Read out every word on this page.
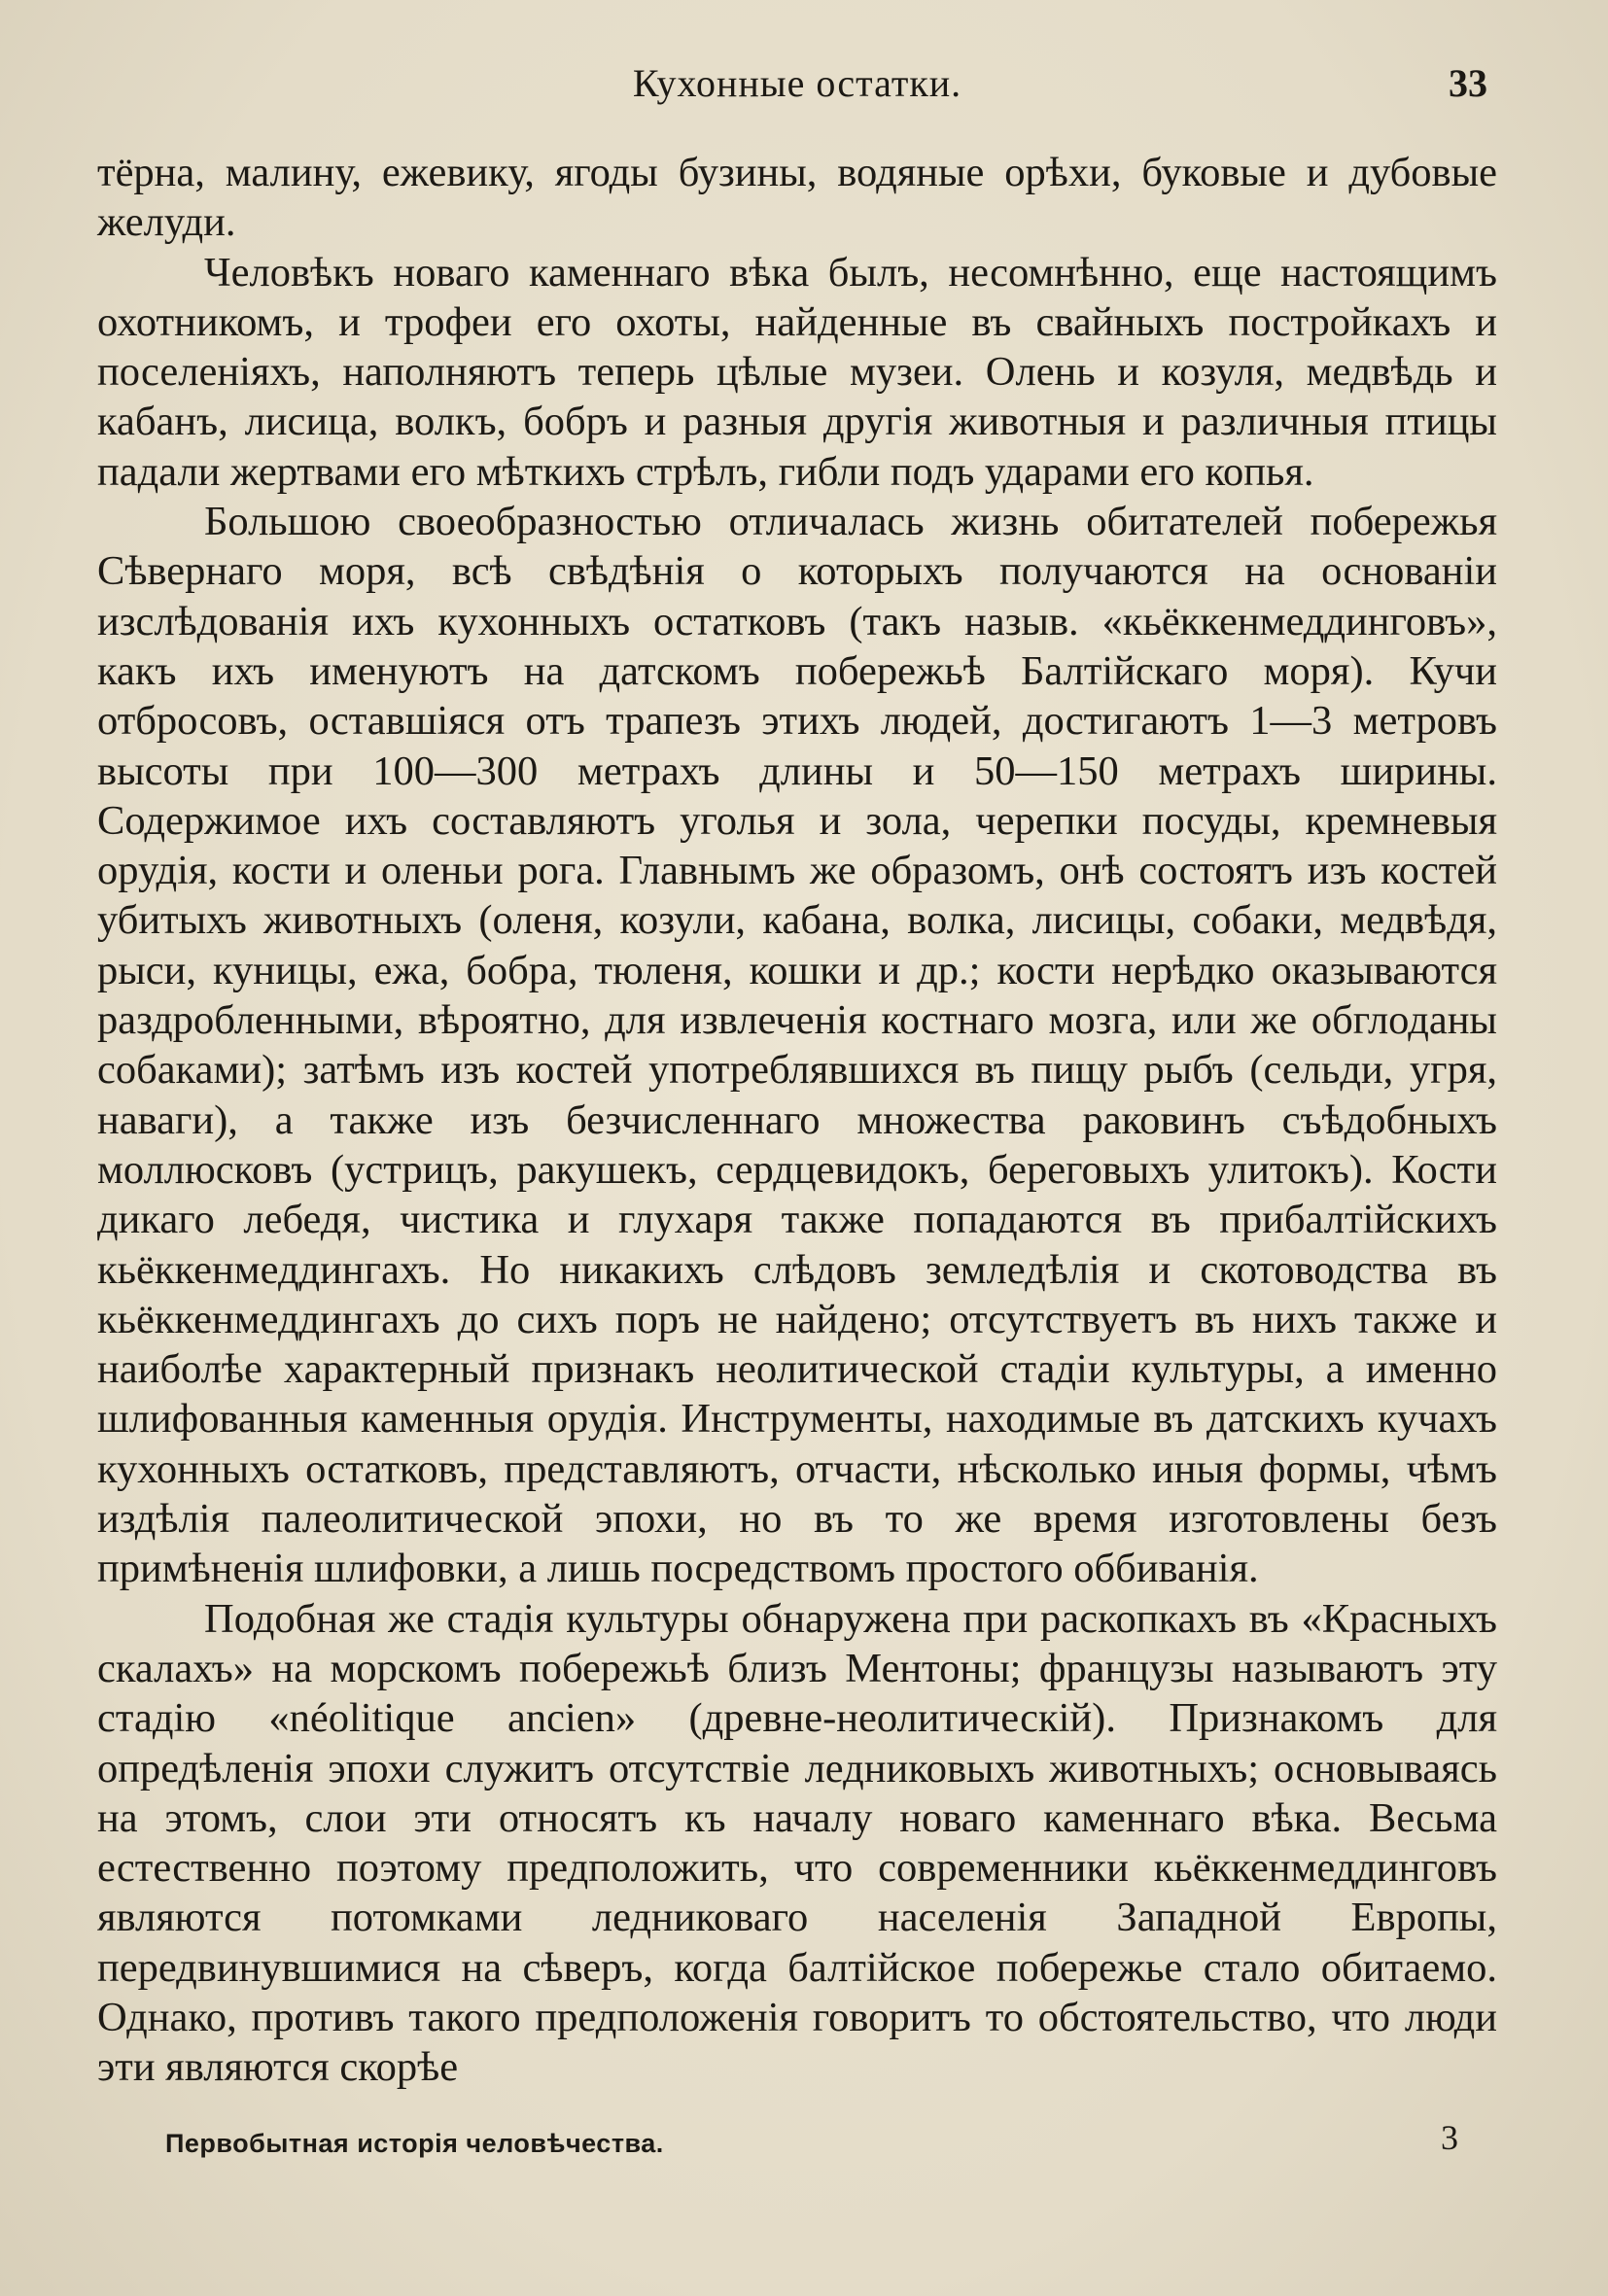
Кухонные остатки.	33

тёрна, малину, ежевику, ягоды бузины, водяные орѣхи, буковые и дубовые желуди.

Человѣкъ новаго каменнаго вѣка былъ, несомнѣнно, еще настоящимъ охотникомъ, и трофеи его охоты, найденные въ свайныхъ постройкахъ и поселеніяхъ, наполняютъ теперь цѣлые музеи. Олень и козуля, медвѣдь и кабанъ, лисица, волкъ, бобръ и разныя другія животныя и различныя птицы падали жертвами его мѣткихъ стрѣлъ, гибли подъ ударами его копья.

Большою своеобразностью отличалась жизнь обитателей побережья Сѣвернаго моря, всѣ свѣдѣнія о которыхъ получаются на основаніи изслѣдованія ихъ кухонныхъ остатковъ (такъ назыв. «кьёккенмеддинговъ», какъ ихъ именуютъ на датскомъ побережьѣ Балтійскаго моря). Кучи отбросовъ, оставшіяся отъ трапезъ этихъ людей, достигаютъ 1—3 метровъ высоты при 100—300 метрахъ длины и 50—150 метрахъ ширины. Содержимое ихъ составляютъ уголья и зола, черепки посуды, кремневыя орудія, кости и оленьи рога. Главнымъ же образомъ, онѣ состоятъ изъ костей убитыхъ животныхъ (оленя, козули, кабана, волка, лисицы, собаки, медвѣдя, рыси, куницы, ежа, бобра, тюленя, кошки и др.; кости нерѣдко оказываются раздробленными, вѣроятно, для извлеченія костнаго мозга, или же обглоданы собаками); затѣмъ изъ костей употреблявшихся въ пищу рыбъ (сельди, угря, наваги), а также изъ безчисленнаго множества раковинъ съѣдобныхъ моллюсковъ (устрицъ, ракушекъ, сердцевидокъ, береговыхъ улитокъ). Кости дикаго лебедя, чистика и глухаря также попадаются въ прибалтійскихъ кьёккенмеддингахъ. Но никакихъ слѣдовъ земледѣлія и скотоводства въ кьёккенмеддингахъ до сихъ поръ не найдено; отсутствуетъ въ нихъ также и наиболѣе характерный признакъ неолитической стадіи культуры, а именно шлифованныя каменныя орудія. Инструменты, находимые въ датскихъ кучахъ кухонныхъ остатковъ, представляютъ, отчасти, нѣсколько иныя формы, чѣмъ издѣлія палеолитической эпохи, но въ то же время изготовлены безъ примѣненія шлифовки, а лишь посредствомъ простого оббиванія.

Подобная же стадія культуры обнаружена при раскопкахъ въ «Красныхъ скалахъ» на морскомъ побережьѣ близъ Ментоны; французы называютъ эту стадію «néolitique ancien» (древне-неолитическій). Признакомъ для опредѣленія эпохи служитъ отсутствіе ледниковыхъ животныхъ; основываясь на этомъ, слои эти относятъ къ началу новаго каменнаго вѣка. Весьма естественно поэтому предположить, что современники кьёккенмеддинговъ являются потомками ледниковаго населенія Западной Европы, передвинувшимися на сѣверъ, когда балтійское побережье стало обитаемо. Однако, противъ такого предположенія говоритъ то обстоятельство, что люди эти являются скорѣе

Первобытная исторія человѣчества.	3
